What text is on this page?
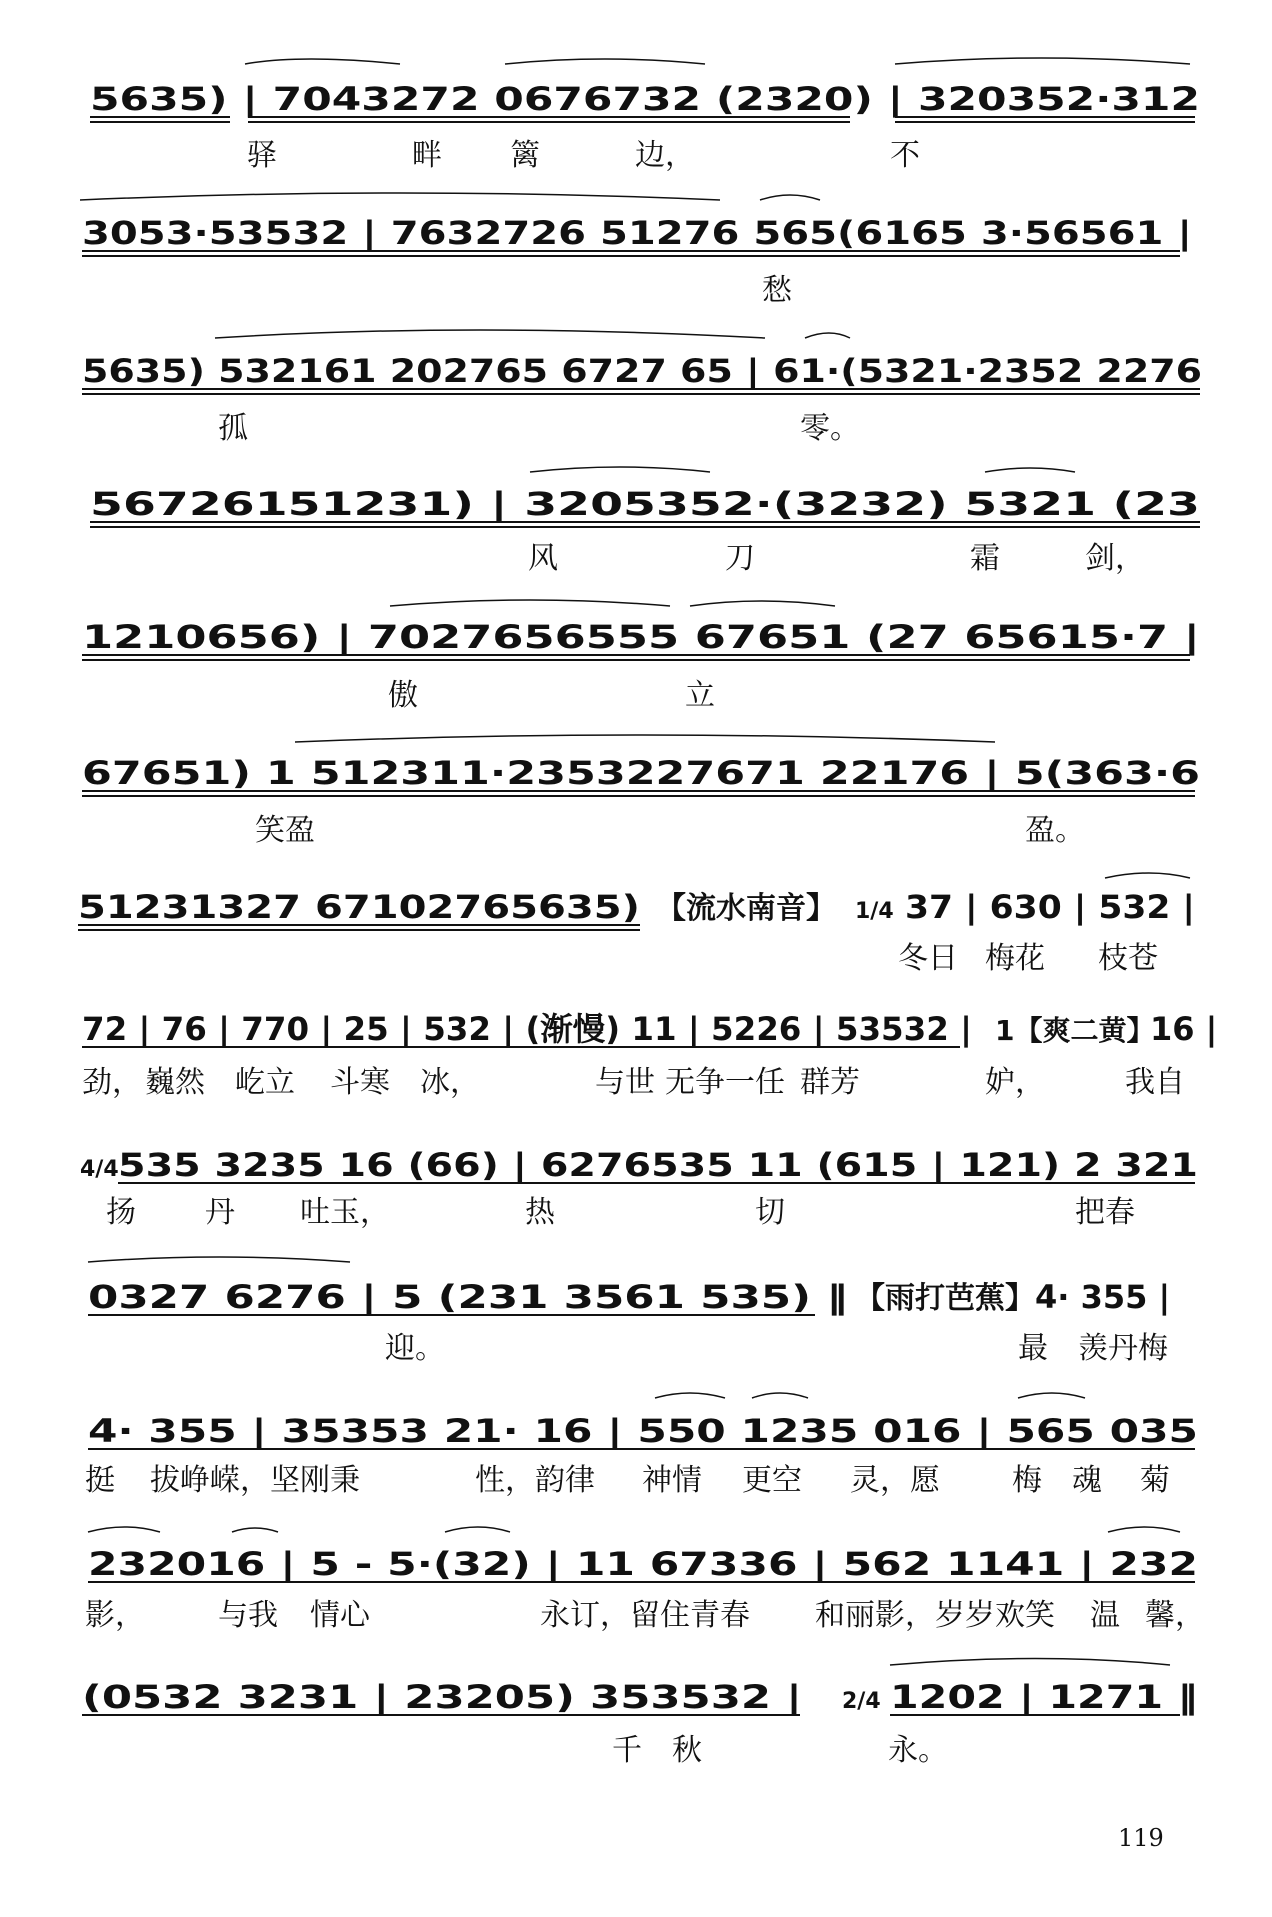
5635) | 7043272 0676732 (2320) | 320352·312
驿	畔 篱	边，	不
3053·53532 | 7632726 51276 565(6165 3·56561 |
愁
5635) 532161 202765 6727 65 | 61·(5321·2352 2276
孤	零。
56726151231) | 3205352·(3232) 5321 (23
风	刀	霜	剑，
1210656) | 7027656555 67651 (27 65615·7 |
傲	立
67651) 1 512311·2353227671 22176 | 5(363·6
笑盈	盈。
51231327 67102765635) 【流水南音】 1/4 37 | 630 | 532 |
冬日 梅花 枝苍
72 | 76 | 770 | 25 | 532 | (渐慢) 11 | 5226 | 53532 |	1【爽二黄】
16 |
劲， 巍然 屹立 斗寒 冰，	与世 无争一任 群芳	妒，	我自
4/4 535 3235 16 (66) | 6276535 11 (615 | 121) 2 321
扬 丹 吐玉，	热	切	把春
0327 6276 | 5 (231 3561 535) ‖	【雨打芭蕉】 4· 355 |
迎。	最 羡丹梅
4· 355 | 35353 21· 16 | 550 1235 016 | 565 035
挺 拔峥嵘，坚刚秉	性，韵律 神情 更空 灵，愿 梅 魂 菊
232016 | 5 - 5·(32) | 11 67336 | 562 1141 | 232
影， 与我 情心	永订，留住青春 和丽影，岁岁欢笑 温 馨，
(0532 3231 | 23205) 353532 |	2/4 1202 | 1271 ‖
千 秋	永。
119
